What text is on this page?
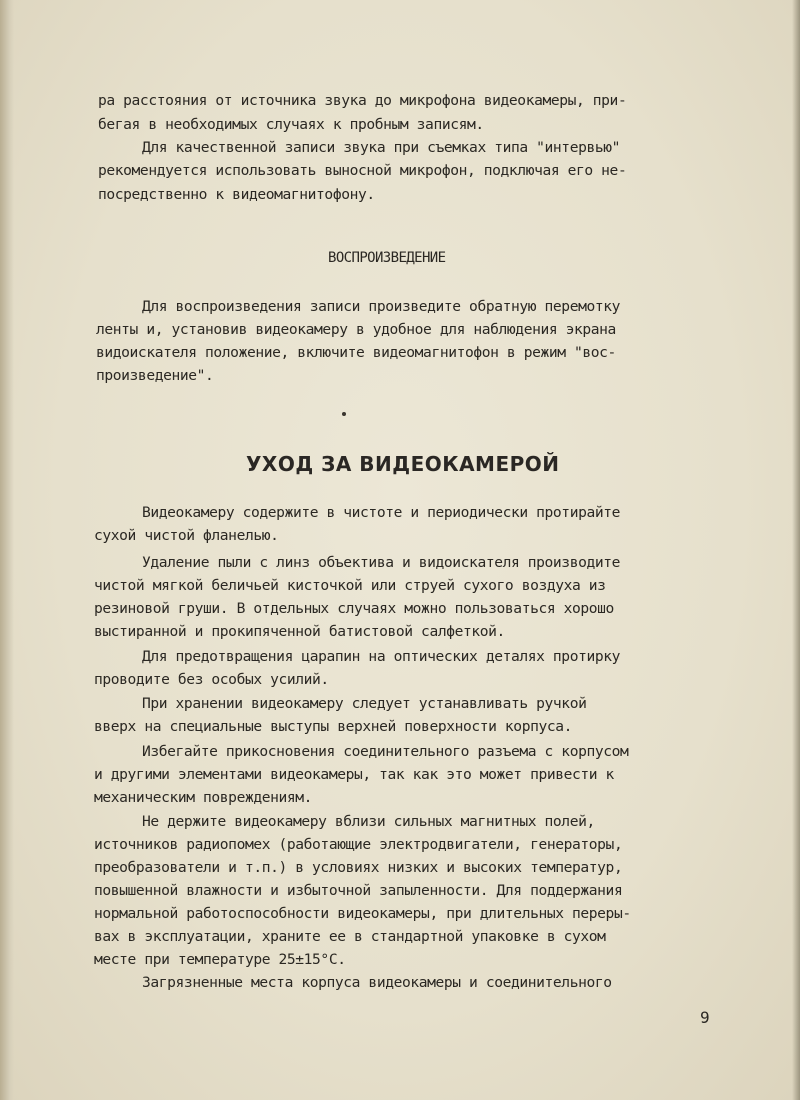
ра расстояния от источника звука до микрофона видеокамеры, при-
бегая в необходимых случаях к пробным записям.
Для качественной записи звука при съемках типа "интервью"
рекомендуется использовать выносной микрофон, подключая его не-
посредственно к видеомагнитофону.
ВОСПРОИЗВЕДЕНИЕ
Для воспроизведения записи произведите обратную перемотку
ленты и, установив видеокамеру в удобное для наблюдения экрана
видоискателя положение, включите видеомагнитофон в режим "вос-
произведение".
УХОД ЗА ВИДЕОКАМЕРОЙ
Видеокамеру содержите в чистоте и периодически протирайте
сухой чистой фланелью.
Удаление пыли с линз объектива и видоискателя производите
чистой мягкой беличьей кисточкой или струей сухого воздуха из
резиновой груши. В отдельных случаях можно пользоваться хорошо
выстиранной и прокипяченной батистовой салфеткой.
Для предотвращения царапин на оптических деталях протирку
проводите без особых усилий.
При хранении видеокамеру следует устанавливать ручкой
вверх на специальные выступы верхней поверхности корпуса.
Избегайте прикосновения соединительного разъема с корпусом
и другими элементами видеокамеры, так как это может привести к
механическим повреждениям.
Не держите видеокамеру вблизи сильных магнитных полей,
источников радиопомех (работающие электродвигатели, генераторы,
преобразователи и т.п.) в условиях низких и высоких температур,
повышенной влажности и избыточной запыленности. Для поддержания
нормальной работоспособности видеокамеры, при длительных переры-
вах в эксплуатации, храните ее в стандартной упаковке в сухом
месте при температуре 25±15°С.
Загрязненные места корпуса видеокамеры и соединительного
9
